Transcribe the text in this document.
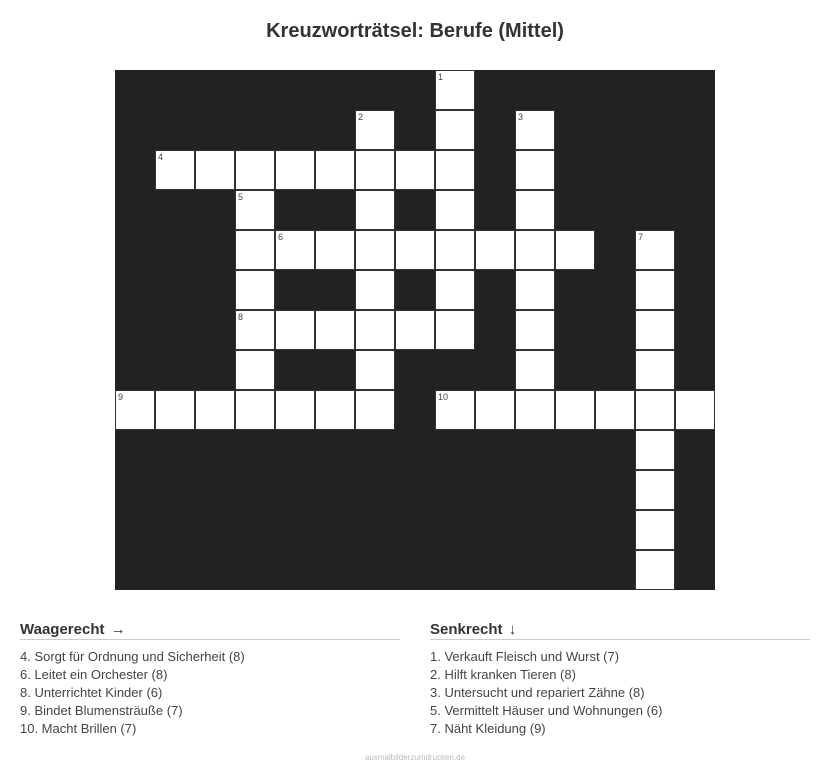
Kreuzworträtsel: Berufe (Mittel)
1
2	3
4
5
8
6	7
9	10
Waagerecht →
4. Sorgt für Ordnung und Sicherheit (8)
6. Leitet ein Orchester (8)
8. Unterrichtet Kinder (6)
9. Bindet Blumensträuße (7)
10. Macht Brillen (7)
Senkrecht ↓
1. Verkauft Fleisch und Wurst (7)
2. Hilft kranken Tieren (8)
3. Untersucht und repariert Zähne (8)
5. Vermittelt Häuser und Wohnungen (6)
7. Näht Kleidung (9)
ausmalbilderzumdrucken.de
